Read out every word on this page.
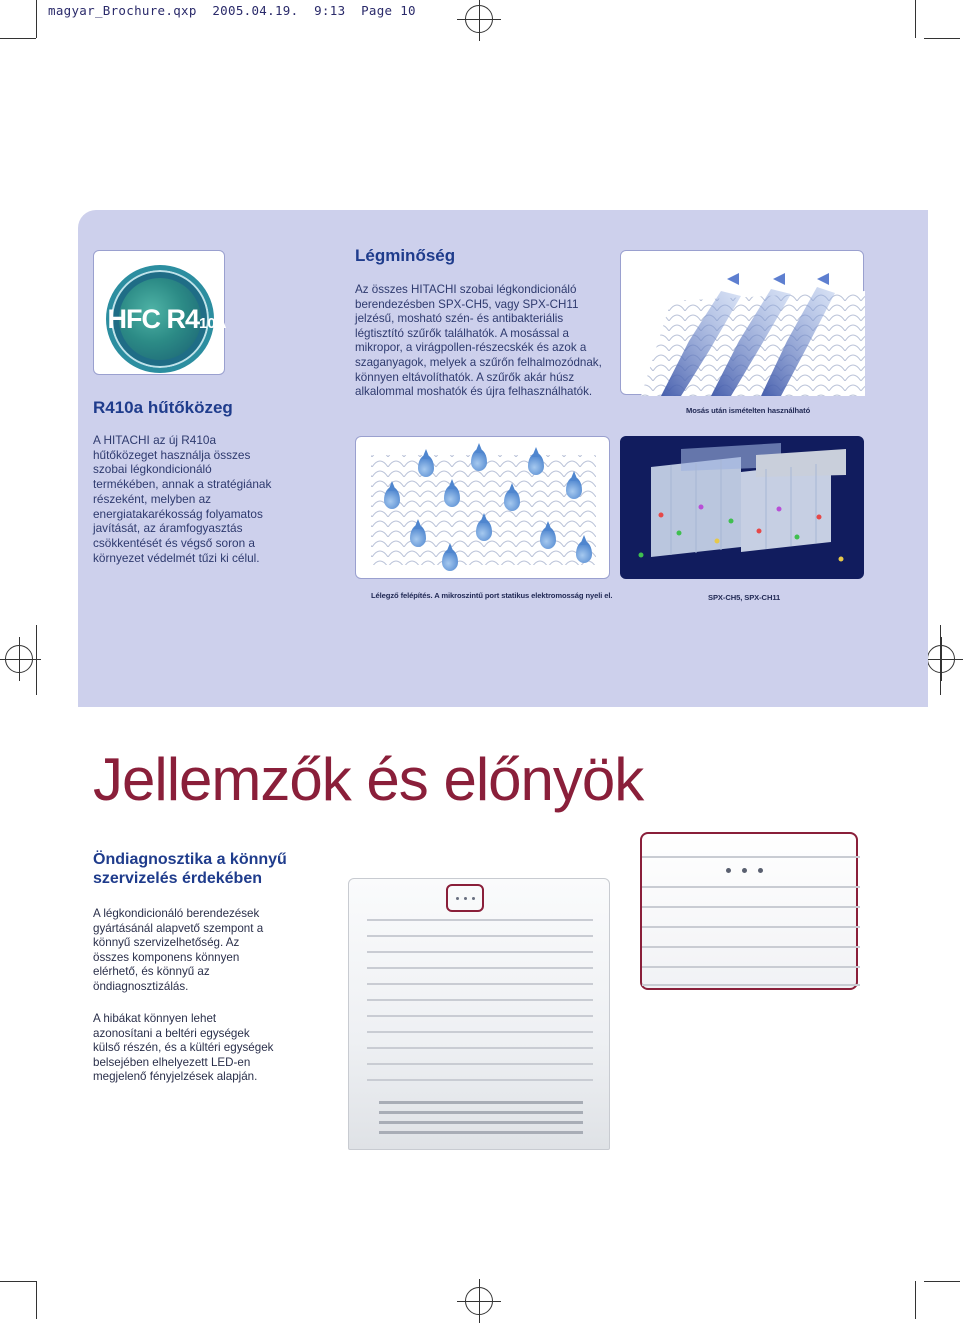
magyar_Brochure.qxp 2005.04.19. 9:13 Page 10
HFC R410A
R410a hűtőközeg
A HITACHI az új R410a hűtőközeget használja összes szobai légkondicionáló termékében, annak a stratégiának részeként, melyben az energiatakarékosság folyamatos javítását, az áramfogyasztás csökkentését és végső soron a környezet védelmét tűzi ki célul.
Légminőség
Az összes HITACHI szobai légkondicionáló berendezésben SPX-CH5, vagy SPX-CH11 jelzésű, mosható szén- és antibakteriális légtisztító szűrők találhatók. A mosással a mikropor, a virágpollen-részecskék és azok a szaganyagok, melyek a szűrőn felhalmozódnak, könnyen eltávolíthatók. A szűrők akár húsz alkalommal moshatók és újra felhasználhatók.
Mosás után ismételten használható
Lélegző felépítés. A mikroszintű port statikus elektromosság nyeli el.	SPX-CH5, SPX-CH11
Jellemzők és előnyök
Öndiagnosztika a könnyű
szervizelés érdekében
A légkondicionáló berendezések gyártásánál alapvető szempont a könnyű szervizelhetőség. Az összes komponens könnyen elérhető, és könnyű az öndiagnosztizálás.
A hibákat könnyen lehet azonosítani a beltéri egységek külső részén, és a kültéri egységek belsejében elhelyezett LED-en megjelenő fényjelzések alapján.
